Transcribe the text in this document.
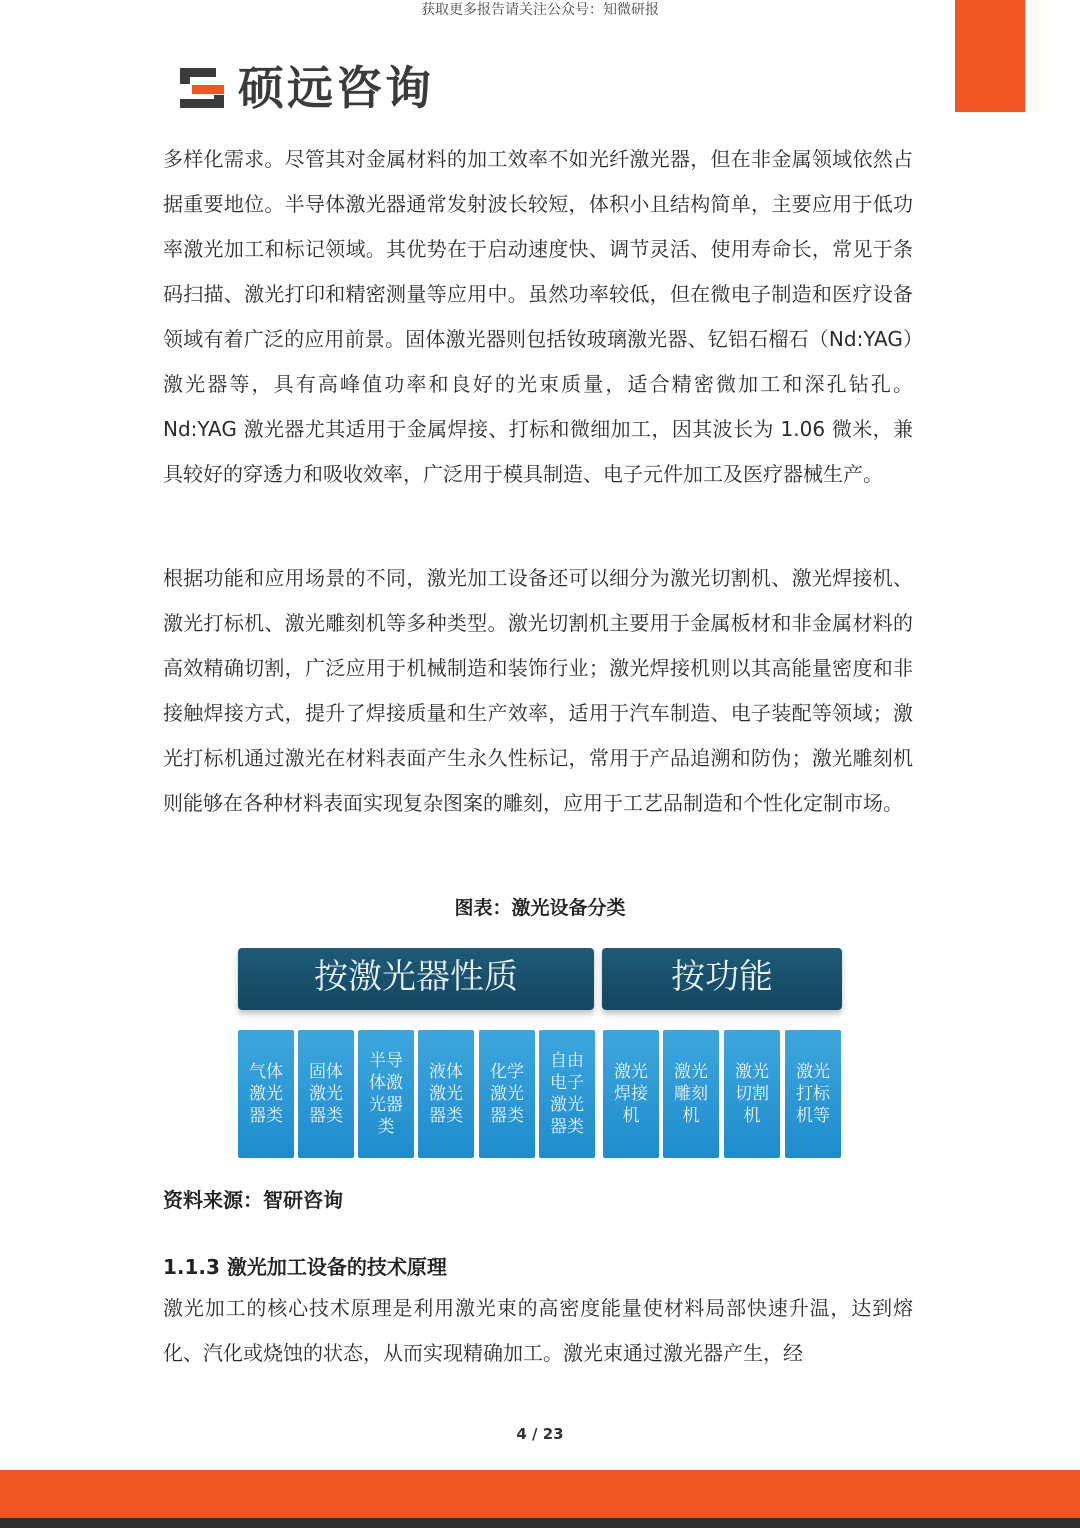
获取更多报告请关注公众号：知微研报
硕远咨询

多样化需求。尽管其对金属材料的加工效率不如光纤激光器，但在非金属领域依然占据重要地位。半导体激光器通常发射波长较短，体积小且结构简单，主要应用于低功率激光加工和标记领域。其优势在于启动速度快、调节灵活、使用寿命长，常见于条码扫描、激光打印和精密测量等应用中。虽然功率较低，但在微电子制造和医疗设备领域有着广泛的应用前景。固体激光器则包括钕玻璃激光器、钇铝石榴石（Nd:YAG）激光器等，具有高峰值功率和良好的光束质量，适合精密微加工和深孔钻孔。Nd:YAG 激光器尤其适用于金属焊接、打标和微细加工，因其波长为 1.06 微米，兼具较好的穿透力和吸收效率，广泛用于模具制造、电子元件加工及医疗器械生产。

根据功能和应用场景的不同，激光加工设备还可以细分为激光切割机、激光焊接机、激光打标机、激光雕刻机等多种类型。激光切割机主要用于金属板材和非金属材料的高效精确切割，广泛应用于机械制造和装饰行业；激光焊接机则以其高能量密度和非接触焊接方式，提升了焊接质量和生产效率，适用于汽车制造、电子装配等领域；激光打标机通过激光在材料表面产生永久性标记，常用于产品追溯和防伪；激光雕刻机则能够在各种材料表面实现复杂图案的雕刻，应用于工艺品制造和个性化定制市场。

图表：激光设备分类
按激光器性质	按功能
气体激光器类
固体激光器类
半导体激光器类
液体激光器类
化学激光器类
自由电子激光器类
激光焊接机
激光雕刻机
激光切割机
激光打标机等
资料来源：智研咨询
1.1.3 激光加工设备的技术原理

激光加工的核心技术原理是利用激光束的高密度能量使材料局部快速升温，达到熔化、汽化或烧蚀的状态，从而实现精确加工。激光束通过激光器产生，经

4 / 23
